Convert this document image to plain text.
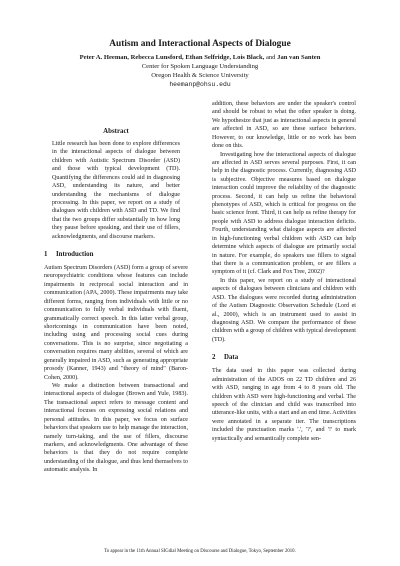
Autism and Interactional Aspects of Dialogue
Peter A. Heeman, Rebecca Lunsford, Ethan Selfridge, Lois Black, and Jan van Santen
Center for Spoken Language Understanding
Oregon Health & Science University
heemanp@ohsu.edu
Abstract

Little research has been done to explore differences in the interactional aspects of dialogue between children with Autistic Spectrum Disorder (ASD) and those with typical development (TD). Quantifying the differences could aid in diagnosing ASD, understanding its nature, and better understanding the mechanisms of dialogue processing. In this paper, we report on a study of dialogues with children with ASD and TD. We find that the two groups differ substantially in how long they pause before speaking, and their use of fillers, acknowledgments, and discourse markers.

1 Introduction

Autism Spectrum Disorders (ASD) form a group of severe neuropsychiatric conditions whose features can include impairments in reciprocal social interaction and in communication (APA, 2000). These impairments may take different forms, ranging from individuals with little or no communication to fully verbal individuals with fluent, grammatically correct speech. In this latter verbal group, shortcomings in communication have been noted, including using and processing social cues during conversations. This is no surprise, since negotiating a conversation requires many abilities, several of which are generally impaired in ASD, such as generating appropriate prosody (Kanner, 1943) and "theory of mind" (Baron-Cohen, 2000).

We make a distinction between transactional and interactional aspects of dialogue (Brown and Yule, 1983). The transactional aspect refers to message content and interactional focuses on expressing social relations and personal attitudes. In this paper, we focus on surface behaviors that speakers use to help manage the interaction, namely turn-taking, and the use of fillers, discourse markers, and acknowledgments. One advantage of these behaviors is that they do not require complete understanding of the dialogue, and thus lend themselves to automatic analysis. In

addition, these behaviors are under the speaker's control and should be robust to what the other speaker is doing. We hypothesize that just as interactional aspects in general are affected in ASD, so are these surface behaviors. However, to our knowledge, little or no work has been done on this.

Investigating how the interactional aspects of dialogue are affected in ASD serves several purposes. First, it can help in the diagnostic process. Currently, diagnosing ASD is subjective. Objective measures based on dialogue interaction could improve the reliability of the diagnostic process. Second, it can help us refine the behavioral phenotypes of ASD, which is critical for progress on the basic science front. Third, it can help us refine therapy for people with ASD to address dialogue interaction deficits. Fourth, understanding what dialogue aspects are affected in high-functioning verbal children with ASD can help determine which aspects of dialogue are primarily social in nature. For example, do speakers use fillers to signal that there is a communication problem, or are fillers a symptom of it (cf. Clark and Fox Tree, 2002)?

In this paper, we report on a study of interactional aspects of dialogues between clinicians and children with ASD. The dialogues were recorded during administration of the Autism Diagnostic Observation Schedule (Lord et al., 2000), which is an instrument used to assist in diagnosing ASD. We compare the performance of these children with a group of children with typical development (TD).

2 Data

The data used in this paper was collected during administration of the ADOS on 22 TD children and 26 with ASD, ranging in age from 4 to 8 years old. The children with ASD were high-functioning and verbal. The speech of the clinician and child was transcribed into utterance-like units, with a start and an end time. Activities were annotated in a separate tier. The transcriptions included the punctuation marks '.', '?', and '!' to mark syntactically and semantically complete sen-

To appear in the 11th Annual SIGdial Meeting on Discourse and Dialogue, Tokyo, September 2010.
